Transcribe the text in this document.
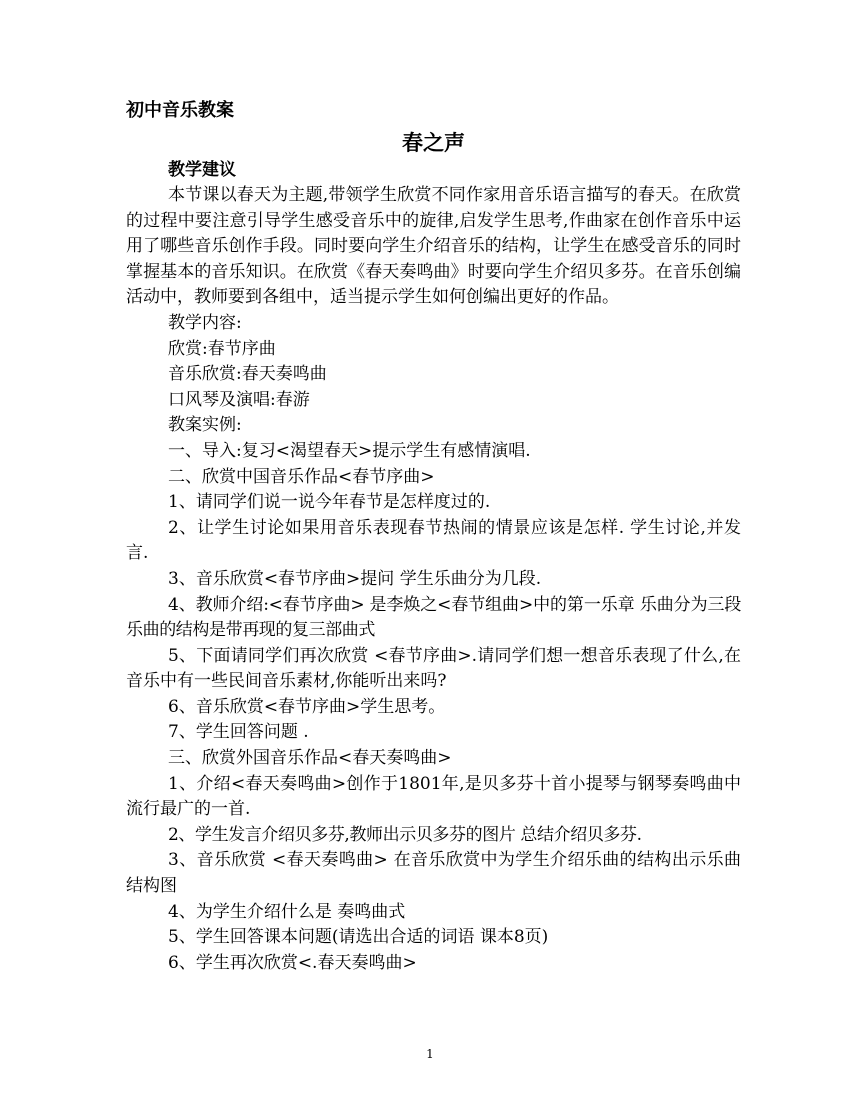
初中音乐教案
春之声
教学建议

本节课以春天为主题,带领学生欣赏不同作家用音乐语言描写的春天。在欣赏的过程中要注意引导学生感受音乐中的旋律,启发学生思考,作曲家在创作音乐中运用了哪些音乐创作手段。同时要向学生介绍音乐的结构，让学生在感受音乐的同时掌握基本的音乐知识。在欣赏《春天奏鸣曲》时要向学生介绍贝多芬。在音乐创编活动中，教师要到各组中，适当提示学生如何创编出更好的作品。

教学内容:

欣赏:春节序曲

音乐欣赏:春天奏鸣曲

口风琴及演唱:春游

教案实例:

一、导入:复习<渴望春天>提示学生有感情演唱.

二、欣赏中国音乐作品<春节序曲>

1、请同学们说一说今年春节是怎样度过的.

2、让学生讨论如果用音乐表现春节热闹的情景应该是怎样. 学生讨论,并发言.

3、音乐欣赏<春节序曲>提问 学生乐曲分为几段.

4、教师介绍:<春节序曲> 是李焕之<春节组曲>中的第一乐章 乐曲分为三段 乐曲的结构是带再现的复三部曲式

5、下面请同学们再次欣赏 <春节序曲>.请同学们想一想音乐表现了什么,在音乐中有一些民间音乐素材,你能听出来吗?

6、音乐欣赏<春节序曲>学生思考。

7、学生回答问题 .

三、欣赏外国音乐作品<春天奏鸣曲>

1、介绍<春天奏鸣曲>创作于1801年,是贝多芬十首小提琴与钢琴奏鸣曲中流行最广的一首.

2、学生发言介绍贝多芬,教师出示贝多芬的图片 总结介绍贝多芬.

3、音乐欣赏 <春天奏鸣曲> 在音乐欣赏中为学生介绍乐曲的结构出示乐曲结构图

4、为学生介绍什么是 奏鸣曲式

5、学生回答课本问题(请选出合适的词语 课本8页)

6、学生再次欣赏<.春天奏鸣曲>

1
